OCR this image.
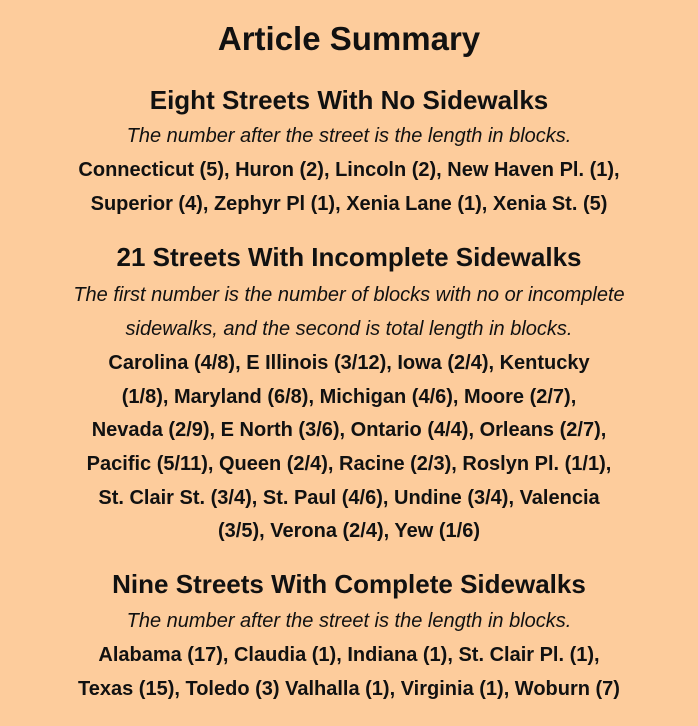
Article Summary
Eight Streets With No Sidewalks
The number after the street is the length in blocks.
Connecticut (5), Huron (2), Lincoln (2), New Haven Pl. (1),
Superior (4), Zephyr Pl (1), Xenia Lane (1), Xenia St. (5)
21 Streets With Incomplete Sidewalks
The first number is the number of blocks with no or incomplete
sidewalks, and the second is total length in blocks.
Carolina (4/8), E Illinois (3/12), Iowa (2/4), Kentucky
(1/8), Maryland (6/8), Michigan (4/6), Moore (2/7),
Nevada (2/9), E North (3/6), Ontario (4/4), Orleans (2/7),
Pacific (5/11), Queen (2/4), Racine (2/3), Roslyn Pl. (1/1),
St. Clair St. (3/4), St. Paul (4/6), Undine (3/4), Valencia
(3/5), Verona (2/4), Yew (1/6)
Nine Streets With Complete Sidewalks
The number after the street is the length in blocks.
Alabama (17), Claudia (1), Indiana (1), St. Clair Pl. (1),
Texas (15), Toledo (3) Valhalla (1), Virginia (1), Woburn (7)
